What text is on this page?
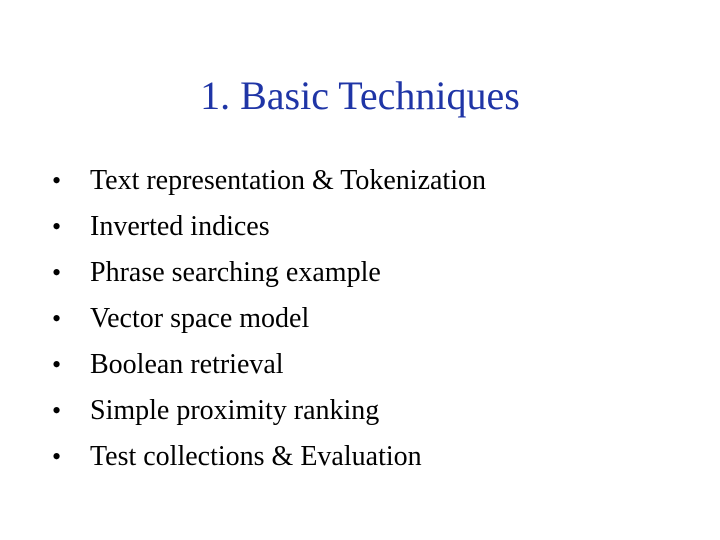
1. Basic Techniques
•	Text representation & Tokenization
•	Inverted indices
•	Phrase searching example
•	Vector space model
•	Boolean retrieval
•	Simple proximity ranking
•	Test collections & Evaluation
